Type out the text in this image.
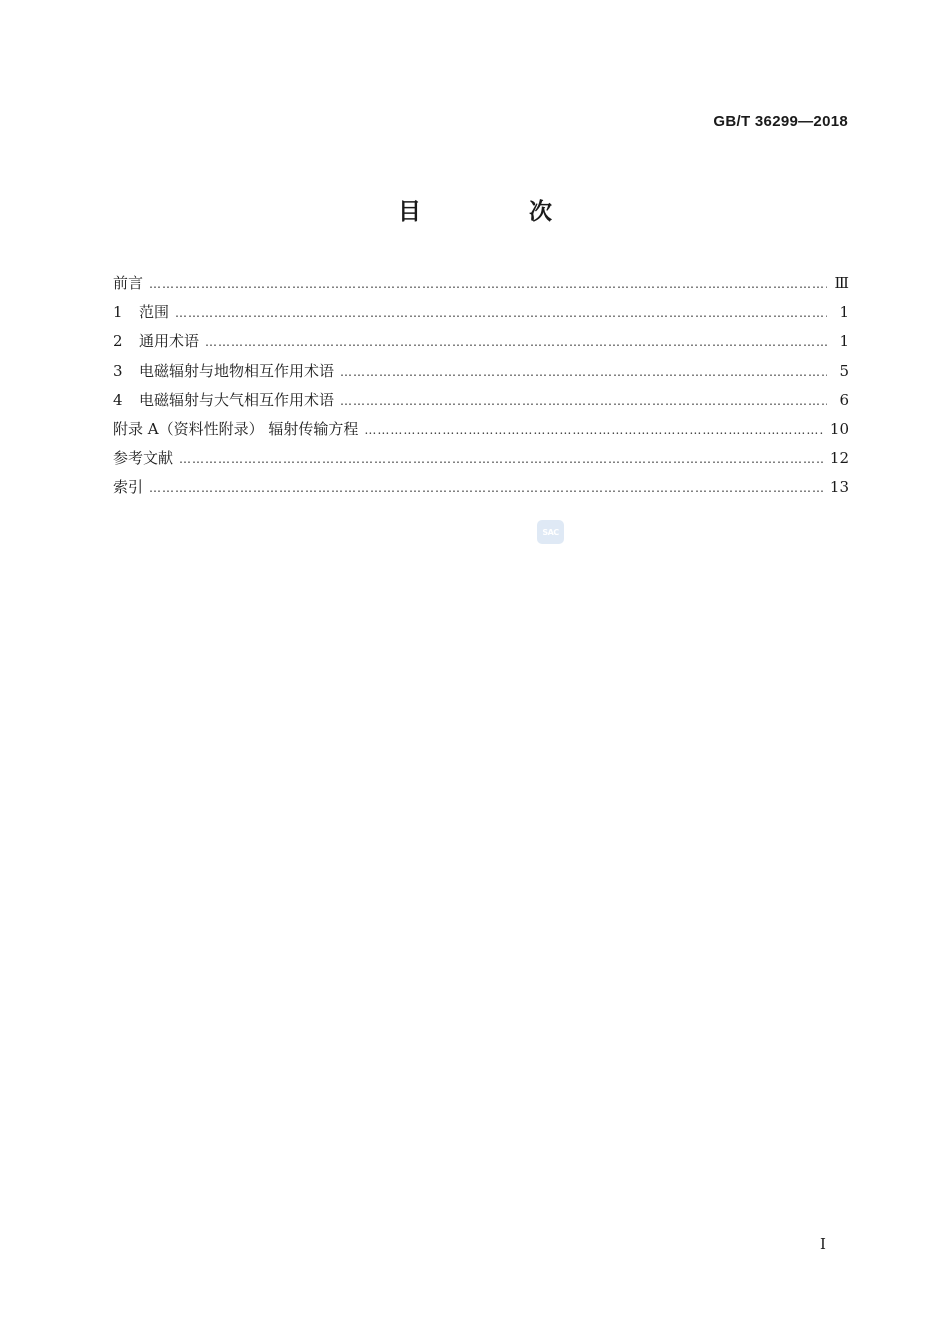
GB/T 36299—2018
目 次
前言 …………………………………………………………………………………………………………………………………………………………………………………………………………………………………………………………	Ⅲ
1 范围 …………………………………………………………………………………………………………………………………………………………………………………………………………………………………………………………	1
2 通用术语 …………………………………………………………………………………………………………………………………………………………………………………………………………………………………………………………	1
3 电磁辐射与地物相互作用术语 …………………………………………………………………………………………………………………………………………………………………………………………………………………………………………………………	5
4 电磁辐射与大气相互作用术语 …………………………………………………………………………………………………………………………………………………………………………………………………………………………………………………………	6
附录 A（资料性附录） 辐射传输方程 …………………………………………………………………………………………………………………………………………………………………………………………………………………………………………………………	10
参考文献 …………………………………………………………………………………………………………………………………………………………………………………………………………………………………………………………	12
索引 …………………………………………………………………………………………………………………………………………………………………………………………………………………………………………………………	13
SAC
I
